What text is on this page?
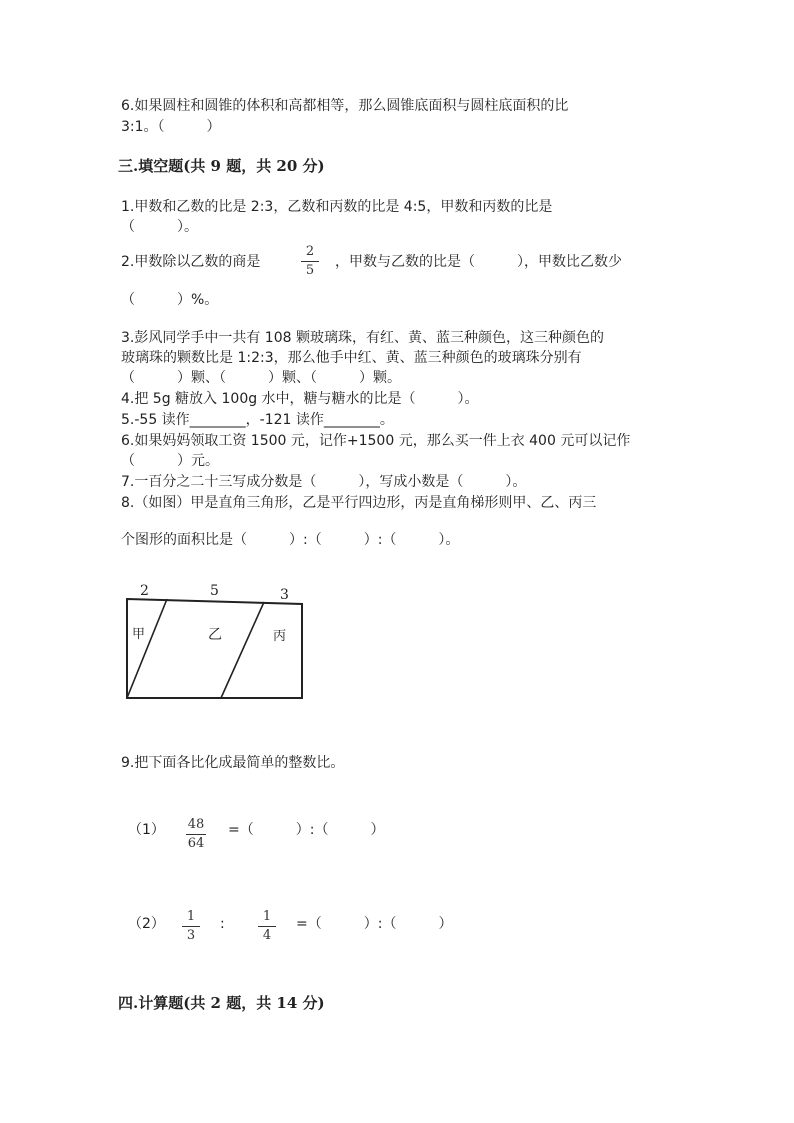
6.如果圆柱和圆锥的体积和高都相等，那么圆锥底面积与圆柱底面积的比
3:1。（　　　）
三.填空题(共 9 题，共 20 分)
1.甲数和乙数的比是 2:3，乙数和丙数的比是 4:5，甲数和丙数的比是
（　　　）。
2.甲数除以乙数的商是
2
5
，甲数与乙数的比是（　　　），甲数比乙数少
（　　　）%。
3.彭风同学手中一共有 108 颗玻璃珠，有红、黄、蓝三种颜色，这三种颜色的
玻璃珠的颗数比是 1:2:3，那么他手中红、黄、蓝三种颜色的玻璃珠分别有
（　　　）颗、（　　　）颗、（　　　）颗。
4.把 5g 糖放入 100g 水中，糖与糖水的比是（　　　）。
5.-55 读作________，-121 读作________。
6.如果妈妈领取工资 1500 元，记作+1500 元，那么买一件上衣 400 元可以记作
（　　　）元。
7.一百分之二十三写成分数是（　　　），写成小数是（　　　）。
8.（如图）甲是直角三角形，乙是平行四边形，丙是直角梯形则甲、乙、丙三
个图形的面积比是（　　　）:（　　　）:（　　　）。
2	5	3
甲	乙	丙
9.把下面各比化成最简单的整数比。
（1） 48
64
=（　　　）:（　　　）
（2）	1
3
:	1
4
=（　　　）:（　　　）
四.计算题(共 2 题，共 14 分)
